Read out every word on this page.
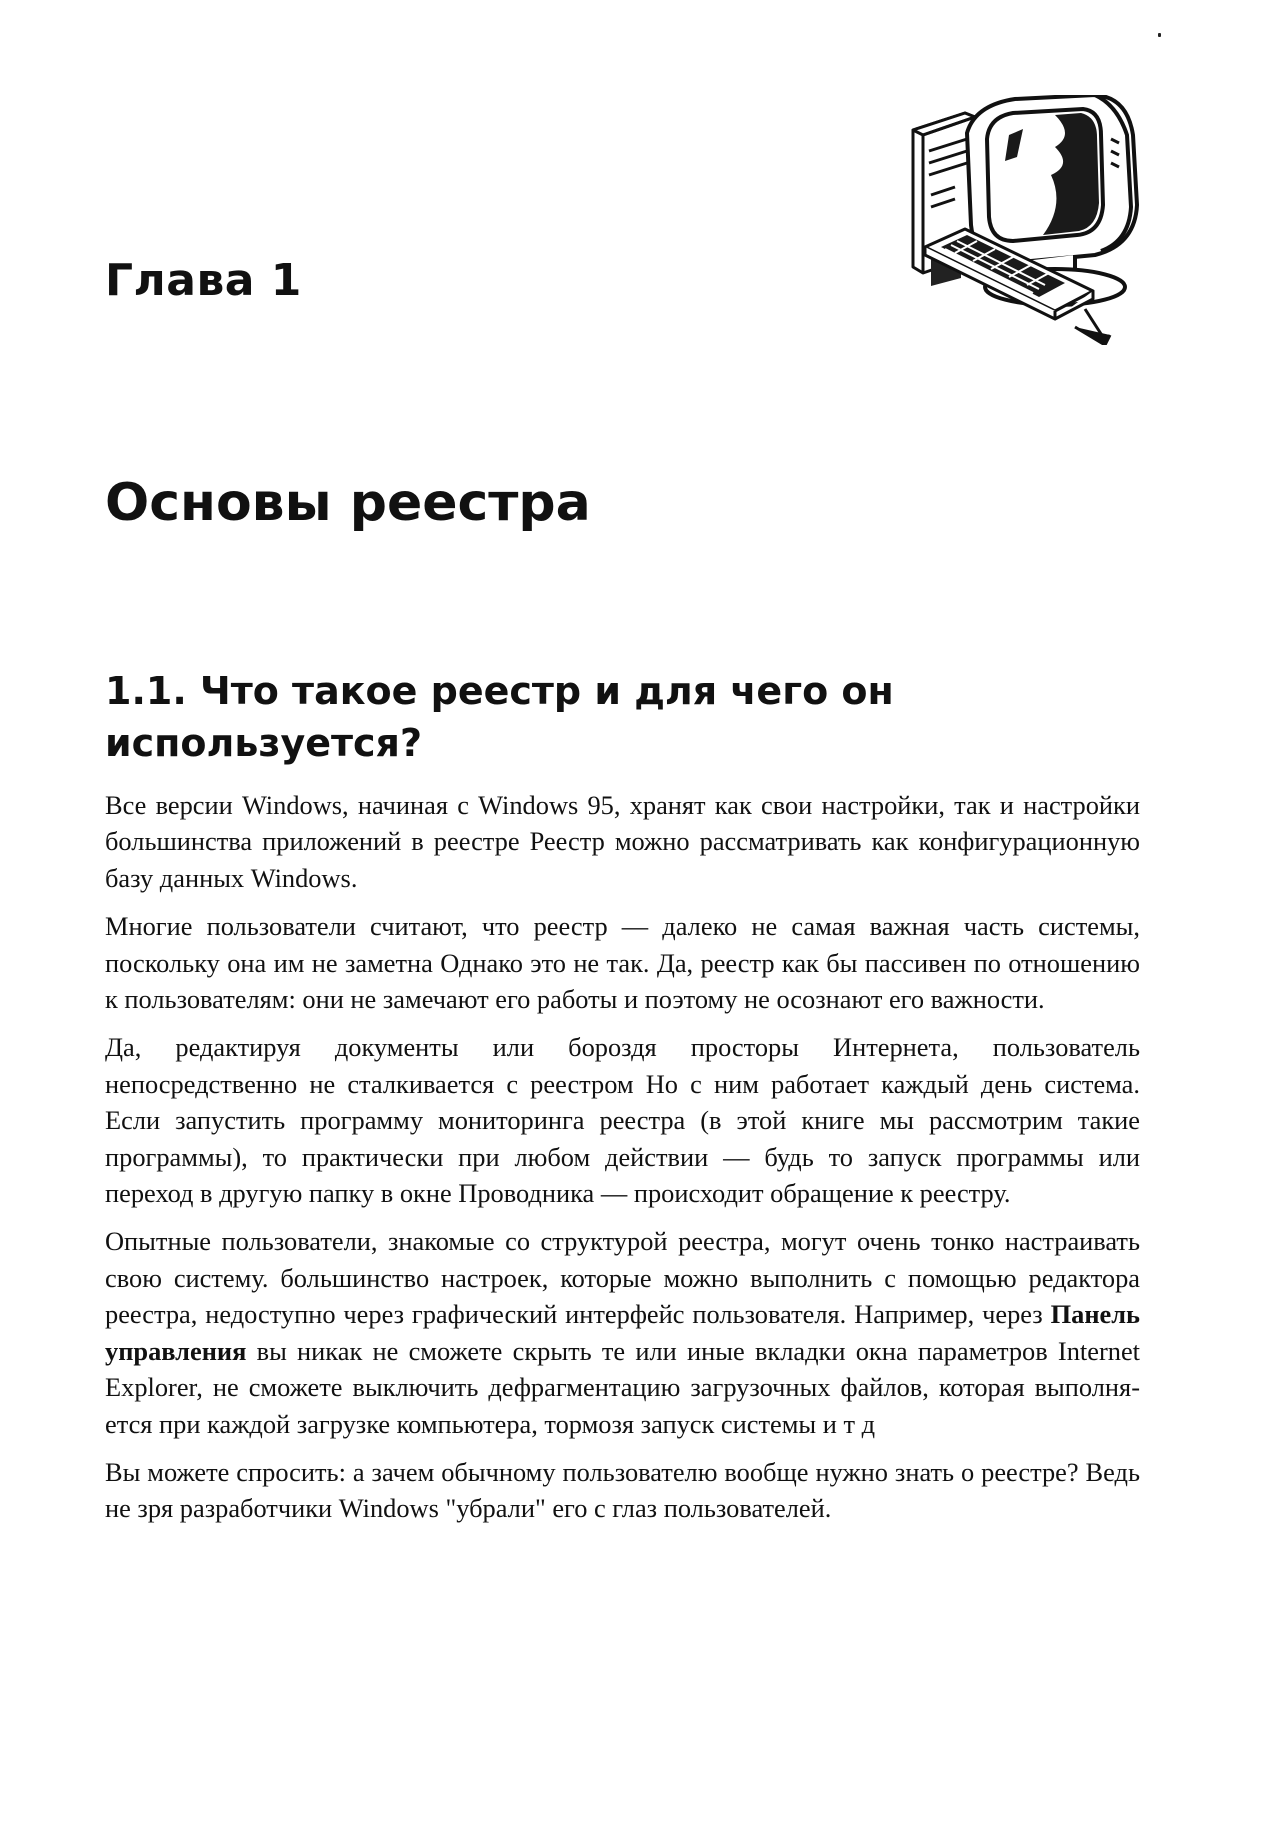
Глава 1
Основы реестра
1.1. Что такое реестр и для чего он используется?

Все версии Windows, начиная с Windows 95, хранят как свои настройки, так и настройки большинства приложений в реестре Реестр можно рассматривать как конфигурационную базу данных Windows.

Многие пользователи считают, что реестр — далеко не самая важная часть системы, поскольку она им не заметна Однако это не так. Да, реестр как бы пассивен по отношению к пользователям: они не замечают его работы и поэтому не осознают его важности.

Да, редактируя документы или бороздя просторы Интернета, пользователь непосредственно не сталкивается с реестром Но с ним работает каждый день система. Если запустить программу мониторинга реестра (в этой книге мы рассмотрим такие программы), то практически при любом действии — будь то запуск программы или переход в другую папку в окне Проводника — происходит обращение к реестру.

Опытные пользователи, знакомые со структурой реестра, могут очень тонко настраивать свою систему. большинство настроек, которые можно выполнить с помощью редактора реестра, недоступно через графический интерфейс пользователя. Например, через Панель управления вы никак не сможете скрыть те или иные вкладки окна параметров Internet Explorer, не сможете выключить дефрагментацию загрузочных файлов, которая выполняется при каждой загрузке компьютера, тормозя запуск системы и т д

Вы можете спросить: а зачем обычному пользователю вообще нужно знать о реестре? Ведь не зря разработчики Windows "убрали" его с глаз пользователей.
